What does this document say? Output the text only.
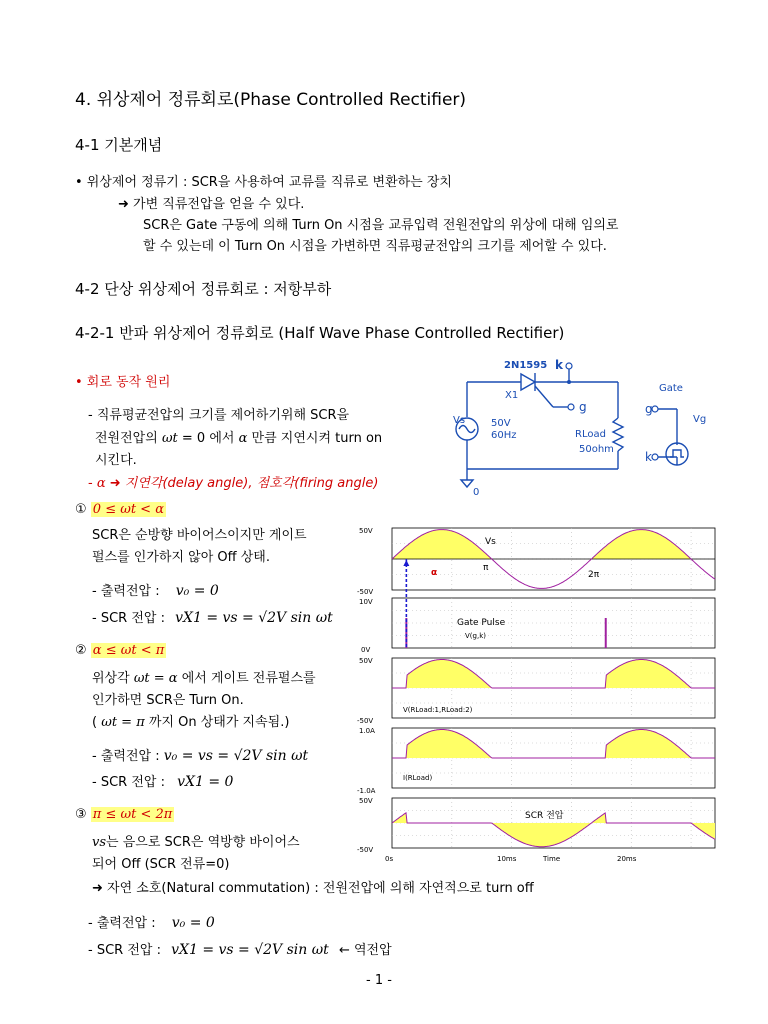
4. 위상제어 정류회로(Phase Controlled Rectifier)
4-1 기본개념
• 위상제어 정류기 : SCR을 사용하여 교류를 직류로 변환하는 장치
➜ 가변 직류전압을 얻을 수 있다.
SCR은 Gate 구동에 의해 Turn On 시점을 교류입력 전원전압의 위상에 대해 임의로
할 수 있는데 이 Turn On 시점을 가변하면 직류평균전압의 크기를 제어할 수 있다.
4-2 단상 위상제어 정류회로 : 저항부하
4-2-1 반파 위상제어 정류회로 (Half Wave Phase Controlled Rectifier)
• 회로 동작 원리
- 직류평균전압의 크기를 제어하기위해 SCR을
전원전압의 ωt = 0 에서 α 만큼 지연시켜 turn on
시킨다.
- α ➜ 지연각(delay angle), 점호각(firing angle)
① 0 ≤ ωt < α
SCR은 순방향 바이어스이지만 게이트
펄스를 인가하지 않아 Off 상태.
- 출력전압 : v₀ = 0
- SCR 전압 : vX1 = vs = √2V sin ωt
② α ≤ ωt < π
위상각 ωt = α 에서 게이트 전류펄스를
인가하면 SCR은 Turn On.
( ωt = π 까지 On 상태가 지속됨.)
- 출력전압 : v₀ = vs = √2V sin ωt
- SCR 전압 : vX1 = 0
③ π ≤ ωt < 2π
vs는 음으로 SCR은 역방향 바이어스
되어 Off (SCR 전류=0)
➜ 자연 소호(Natural commutation) : 전원전압에 의해 자연적으로 turn off
- 출력전압 : v₀ = 0
- SCR 전압 : vX1 = vs = √2V sin ωt ← 역전압
- 1 -
2N1595 k
X1
g
Vs	50V
60Hz	RLoad
50ohm
0
Gate
g
k
Vg
50V
-50V
10V
0V
50V
-50V
1.0A
-1.0A
50V
-50V
0s	10ms	Time	20ms
Vs
π
2π
α
Gate Pulse
SCR 전압
V(g,k)
V(RLoad:1,RLoad:2)
I(RLoad)
